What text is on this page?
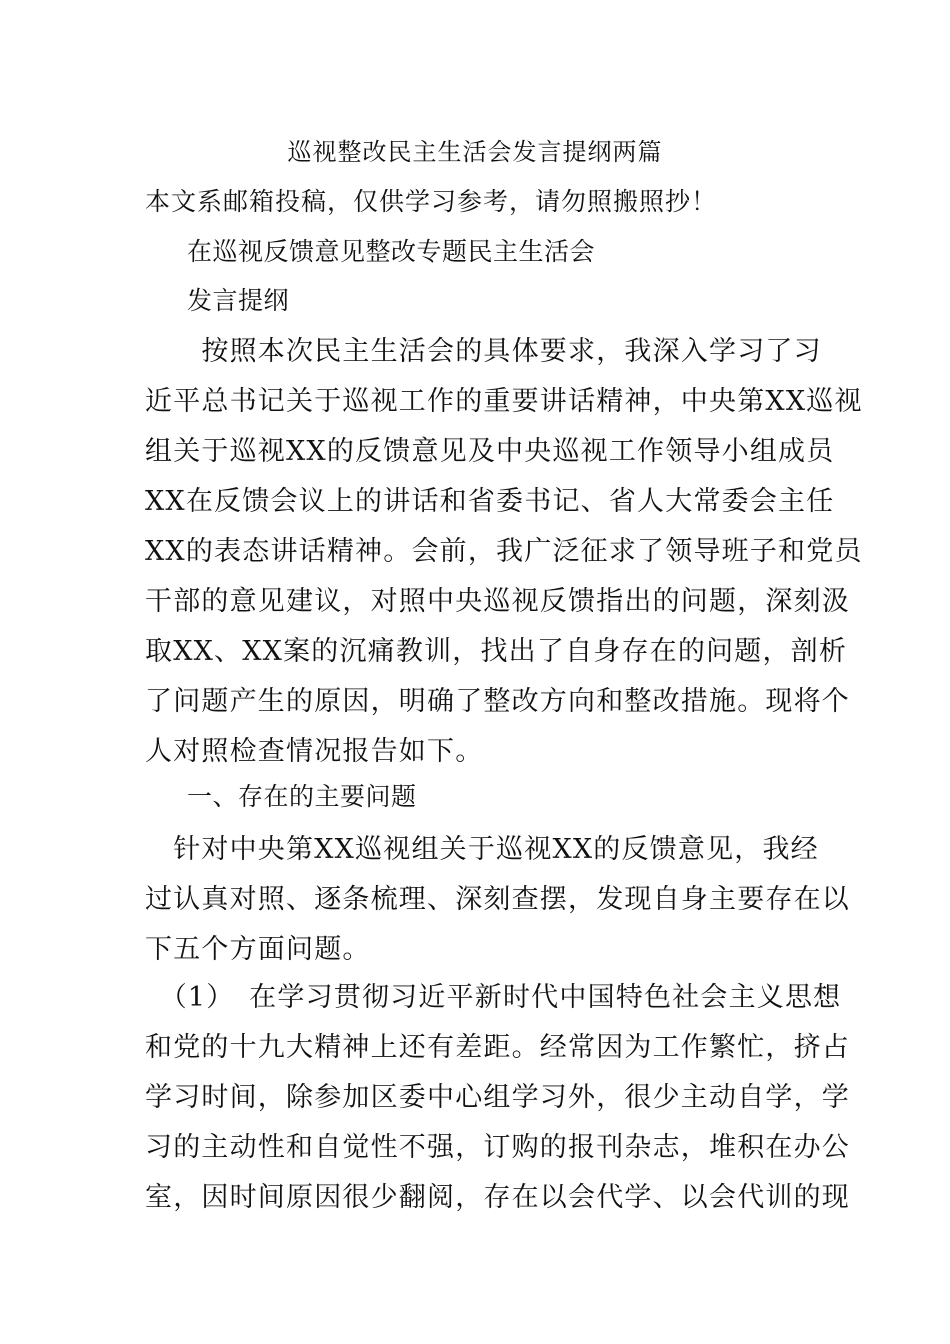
巡视整改民主生活会发言提纲两篇
本文系邮箱投稿，仅供学习参考，请勿照搬照抄！
在巡视反馈意见整改专题民主生活会
发言提纲
　　按照本次民主生活会的具体要求，我深入学习了习
近平总书记关于巡视工作的重要讲话精神，中央第XX巡视
组关于巡视XX的反馈意见及中央巡视工作领导小组成员
XX在反馈会议上的讲话和省委书记、省人大常委会主任
XX的表态讲话精神。会前，我广泛征求了领导班子和党员
干部的意见建议，对照中央巡视反馈指出的问题，深刻汲
取XX、XX案的沉痛教训，找出了自身存在的问题，剖析
了问题产生的原因，明确了整改方向和整改措施。现将个
人对照检查情况报告如下。
一、存在的主要问题
　针对中央第XX巡视组关于巡视XX的反馈意见，我经
过认真对照、逐条梳理、深刻查摆，发现自身主要存在以
下五个方面问题。
　（1）　在学习贯彻习近平新时代中国特色社会主义思想
和党的十九大精神上还有差距。经常因为工作繁忙，挤占
学习时间，除参加区委中心组学习外，很少主动自学，学
习的主动性和自觉性不强，订购的报刊杂志，堆积在办公
室，因时间原因很少翻阅，存在以会代学、以会代训的现
